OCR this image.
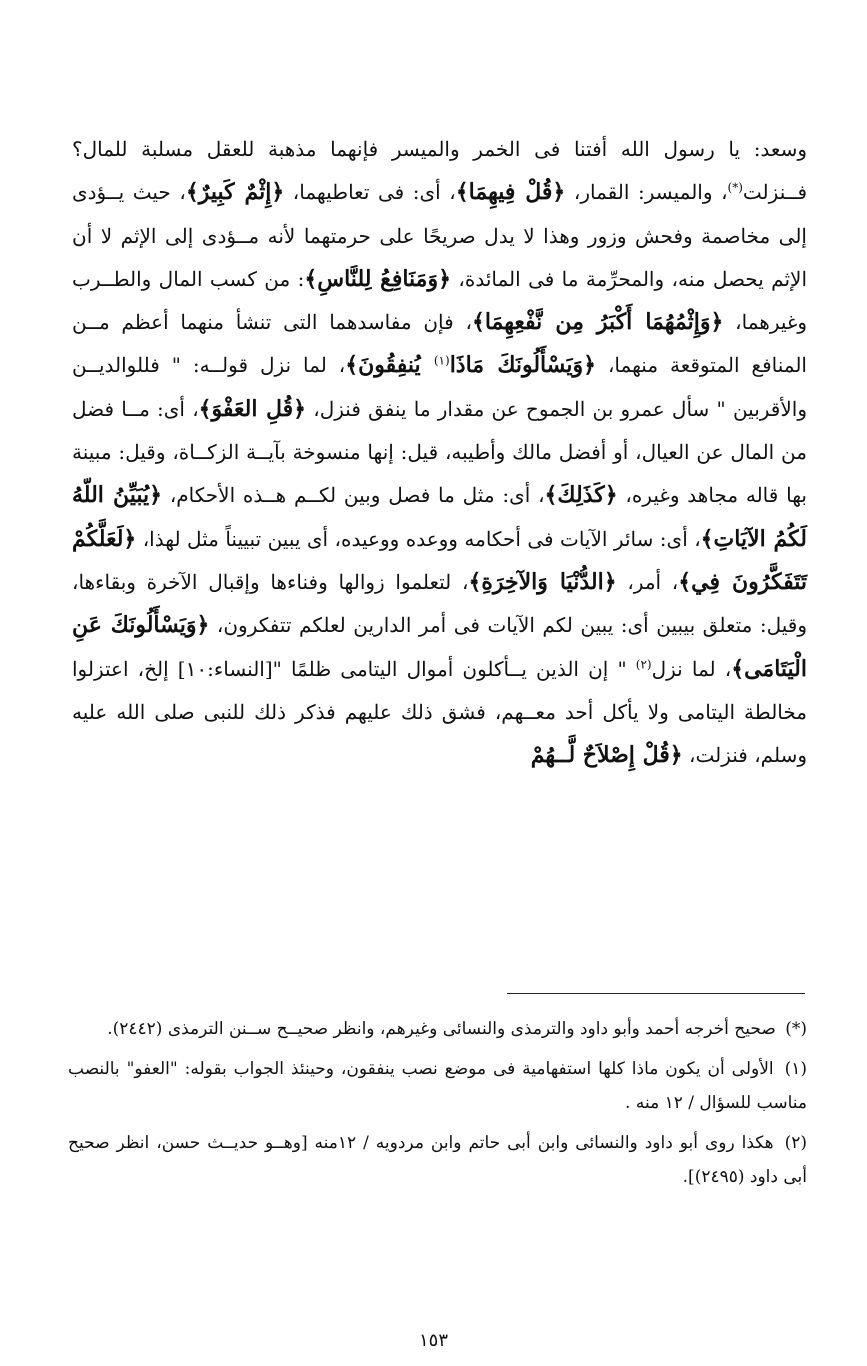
وسعد: يا رسول الله أفتنا فى الخمر والميسر فإنهما مذهبة للعقل مسلبة للمال؟ فــنزلت(*)، والميسر: القمار، ﴿قُلْ فِيهِمَا﴾، أى: فى تعاطيهما، ﴿إِثْمٌ كَبِيرٌ﴾، حيث يــؤدى إلى مخاصمة وفحش وزور وهذا لا يدل صريحًا على حرمتهما لأنه مــؤدى إلى الإثم لا أن الإثم يحصل منه، والمحرِّمة ما فى المائدة، ﴿وَمَنَافِعُ لِلنَّاسِ﴾: من كسب المال والطــرب وغيرهما، ﴿وَإِثْمُهُمَا أَكْبَرُ مِن نَّفْعِهِمَا﴾، فإن مفاسدهما التى تنشأ منهما أعظم مــن المنافع المتوقعة منهما، ﴿وَيَسْأَلُونَكَ مَاذَا$^{(١)}$ يُنفِقُونَ﴾، لما نزل قولــه: " فللوالديــن والأقربين " سأل عمرو بن الجموح عن مقدار ما ينفق فنزل، ﴿قُلِ العَفْوَ﴾، أى: مــا فضل من المال عن العيال، أو أفضل مالك وأطيبه، قيل: إنها منسوخة بآيــة الزكــاة، وقيل: مبينة بها قاله مجاهد وغيره، ﴿كَذَلِكَ﴾، أى: مثل ما فصل وبين لكــم هــذه الأحكام، ﴿يُبَيِّنُ اللّهُ لَكُمُ الآيَاتِ﴾، أى: سائر الآيات فى أحكامه ووعده ووعيده، أى يبين تبييناً مثل لهذا، ﴿لَعَلَّكُمْ تَتَفَكَّرُونَ فِي﴾، أمر، ﴿الدُّنْيَا وَالآخِرَةِ﴾، لتعلموا زوالها وفناءها وإقبال الآخرة وبقاءها، وقيل: متعلق بيبين أى: يبين لكم الآيات فى أمر الدارين لعلكم تتفكرون، ﴿وَيَسْأَلُونَكَ عَنِ الْيَتَامَى﴾، لما نزل$^{(٢)}$ " إن الذين يــأكلون أموال اليتامى ظلمًا "[النساء:١٠] إلخ، اعتزلوا مخالطة اليتامى ولا يأكل أحد معــهم، فشق ذلك عليهم فذكر ذلك للنبى صلى الله عليه وسلم، فنزلت، ﴿قُلْ إِصْلاَحٌ لَّــهُمْ

(*) صحيح أخرجه أحمد وأبو داود والترمذى والنسائى وغيرهم، وانظر صحيــح ســنن الترمذى (٢٤٤٢).

(١) الأولى أن يكون ماذا كلها استفهامية فى موضع نصب ينفقون، وحينئذ الجواب بقوله: "العفو" بالنصب مناسب للسؤال / ١٢ منه .

(٢) هكذا روى أبو داود والنسائى وابن أبى حاتم وابن مردويه / ١٢منه [وهــو حديــث حسن، انظر صحيح أبى داود (٢٤٩٥)].

١٥٣
